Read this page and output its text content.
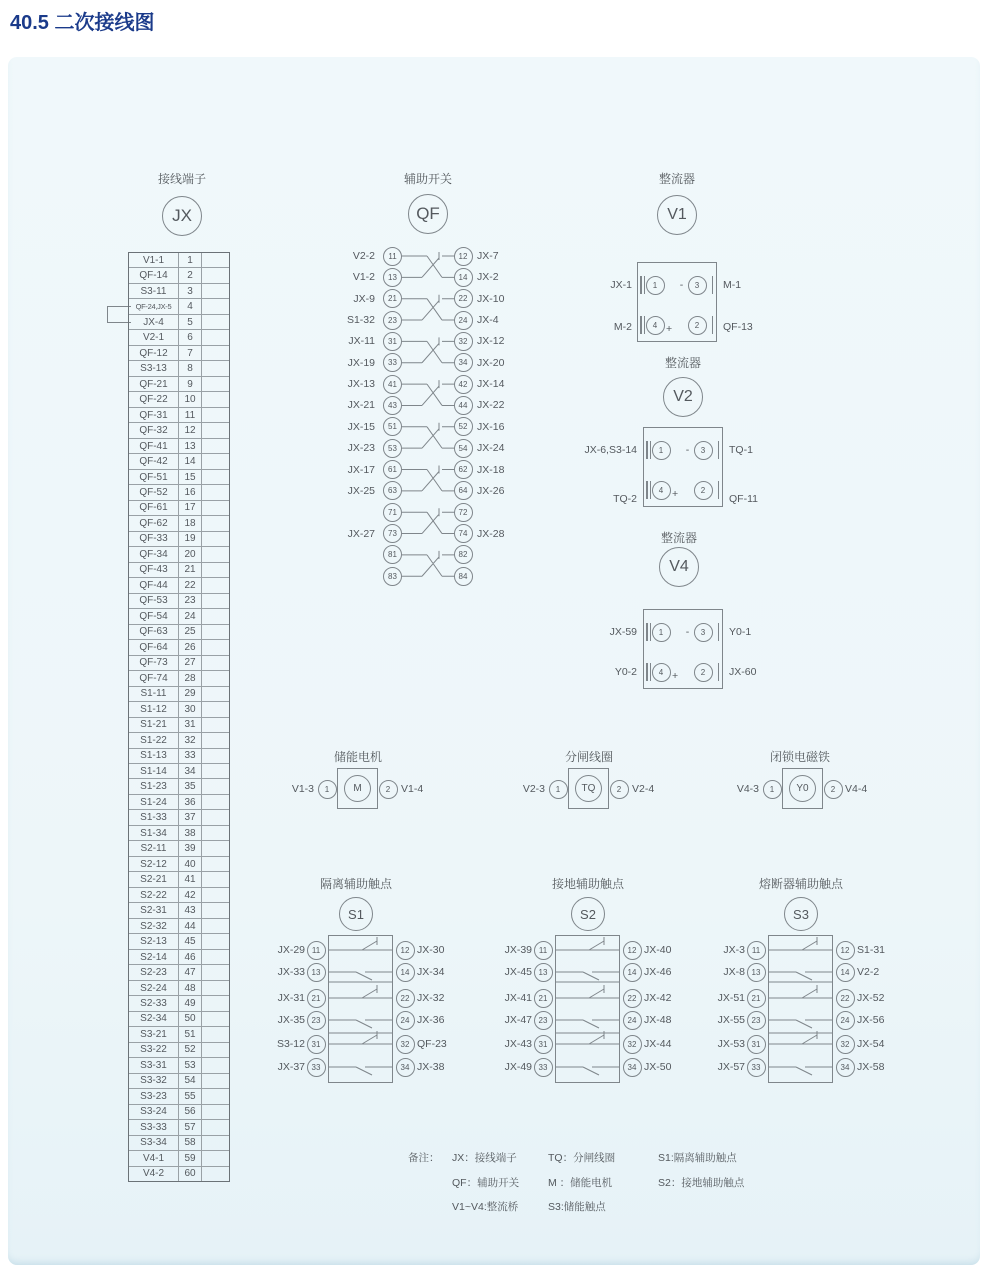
40.5 二次接线图
接线端子
JX
辅助开关
QF
备注：
V1-1	1
QF-14	2
S3-11	3
QF-24,JX-5	4
JX-4	5
V2-1	6
QF-12	7
S3-13	8
QF-21	9
QF-22	10
QF-31	11
QF-32	12
QF-41	13
QF-42	14
QF-51	15
QF-52	16
QF-61	17
QF-62	18
QF-33	19
QF-34	20
QF-43	21
QF-44	22
QF-53	23
QF-54	24
QF-63	25
QF-64	26
QF-73	27
QF-74	28
S1-11	29
S1-12	30
S1-21	31
S1-22	32
S1-13	33
S1-14	34
S1-23	35
S1-24	36
S1-33	37
S1-34	38
S2-11	39
S2-12	40
S2-21	41
S2-22	42
S2-31	43
S2-32	44
S2-13	45
S2-14	46
S2-23	47
S2-24	48
S2-33	49
S2-34	50
S3-21	51
S3-22	52
S3-31	53
S3-32	54
S3-23	55
S3-24	56
S3-33	57
S3-34	58
V4-1	59
V4-2	60
V2-2	11	12 JX-7
V1-2	13	14 JX-2
JX-9	21	22 JX-10
S1-32	23	24 JX-4
JX-11	31	32 JX-12
JX-19	33	34 JX-20
JX-13	41	42 JX-14
JX-21	43	44 JX-22
JX-15	51	52 JX-16
JX-23	53	54 JX-24
JX-17	61	62 JX-18
JX-25	63	64 JX-26
71	72
JX-27	73	74 JX-28
81	82
83	84
整流器
V1
1	3
4	2
-
+
JX-1	M-1
M-2	QF-13
整流器
V2
1	3
4	2
-
+
JX-6,S3-14	TQ-1
TQ-2	QF-11
整流器
V4
1	3
4	2
-
+
JX-59	Y0-1
Y0-2	JX-60
储能电机
M
1	2
V1-3	V1-4
分闸线圈
TQ
1	2
V2-3	V2-4
闭锁电磁铁
Y0
1	2
V4-3	V4-4
隔离辅助触点
S1
JX-29 11	12 JX-30
JX-33 13	14 JX-34
JX-31 21	22 JX-32
JX-35 23	24 JX-36
S3-12 31	32 QF-23
JX-37 33	34 JX-38
接地辅助触点
S2
JX-39 11	12 JX-40
JX-45 13	14 JX-46
JX-41 21	22 JX-42
JX-47 23	24 JX-48
JX-43 31	32 JX-44
JX-49 33	34 JX-50
熔断器辅助触点
S3
JX-3 11	12 S1-31
JX-8 13	14 V2-2
JX-51 21	22 JX-52
JX-55 23	24 JX-56
JX-53 31	32 JX-54
JX-57 33	34 JX-58
JX：接线端子
QF：辅助开关
V1~V4:整流桥
TQ：分闸线圈
M ：储能电机
S3:储能触点
S1:隔离辅助触点
S2：接地辅助触点
